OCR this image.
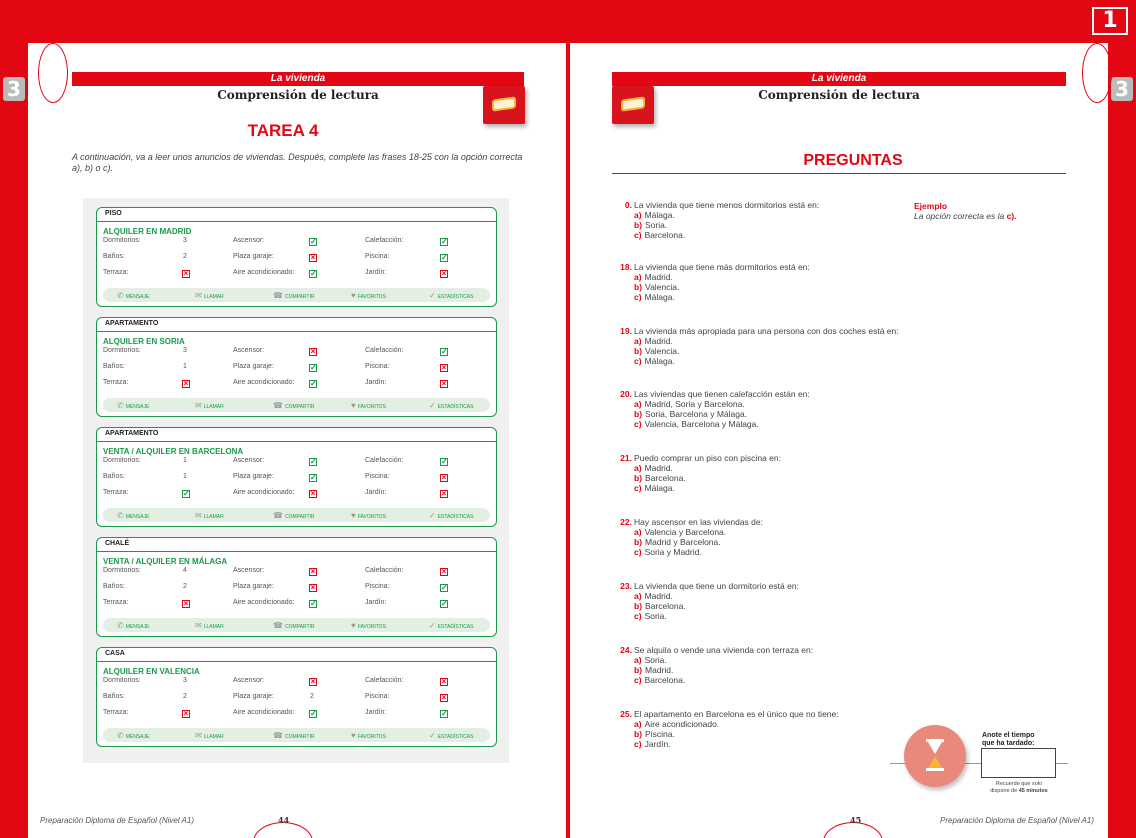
1
3	La vivienda
Comprensión de lectura
TAREA 4
A continuación, va a leer unos anuncios de viviendas. Después, complete las frases 18-25 con la opción correcta a), b) o c).
PISO
ALQUILER EN MADRID
Dormitorios:	3	Ascensor:	✓	Calefacción:	✓
Baños:	2	Plaza garaje:	×	Piscina:	✓
Terraza:	×	Aire acondicionado: ✓	Jardín:	×
✆ MENSAJE	✉ LLAMAR	☎ COMPARTIR	♥ FAVORITOS	✓ ESTADÍSTICAS
APARTAMENTO
ALQUILER EN SORIA
Dormitorios:	3	Ascensor:	×	Calefacción:	✓
Baños:	1	Plaza garaje:	✓	Piscina:	×
Terraza:	×	Aire acondicionado: ✓	Jardín:	×
✆ MENSAJE	✉ LLAMAR	☎ COMPARTIR	♥ FAVORITOS	✓ ESTADÍSTICAS
APARTAMENTO
VENTA / ALQUILER EN BARCELONA
Dormitorios:	1	Ascensor:	✓	Calefacción:	✓
Baños:	1	Plaza garaje:	✓	Piscina:	×
Terraza:	✓	Aire acondicionado: ×	Jardín:	×
✆ MENSAJE	✉ LLAMAR	☎ COMPARTIR	♥ FAVORITOS	✓ ESTADÍSTICAS
CHALÉ
VENTA / ALQUILER EN MÁLAGA
Dormitorios:	4	Ascensor:	×	Calefacción:	×
Baños:	2	Plaza garaje:	×	Piscina:	✓
Terraza:	×	Aire acondicionado: ✓	Jardín:	✓
✆ MENSAJE	✉ LLAMAR	☎ COMPARTIR	♥ FAVORITOS	✓ ESTADÍSTICAS
CASA
ALQUILER EN VALENCIA
Dormitorios:	3	Ascensor:	×	Calefacción:	×
Baños:	2	Plaza garaje:	2	Piscina:	×
Terraza:	×	Aire acondicionado: ✓	Jardín:	✓
✆ MENSAJE	✉ LLAMAR	☎ COMPARTIR	♥ FAVORITOS	✓ ESTADÍSTICAS
Preparación Diploma de Español (Nivel A1)	44
3
La vivienda
Comprensión de lectura
PREGUNTAS
0. La vivienda que tiene menos dormitorios está en:
a) Málaga.
b) Soria.
c) Barcelona.
18. La vivienda que tiene más dormitorios está en:
a) Madrid.
b) Valencia.
c) Málaga.
19. La vivienda más apropiada para una persona con dos coches está en:
a) Madrid.
b) Valencia.
c) Málaga.
20. Las viviendas que tienen calefacción están en:
a) Madrid, Soria y Barcelona.
b) Soria, Barcelona y Málaga.
c) Valencia, Barcelona y Málaga.
21. Puedo comprar un piso con piscina en:
a) Madrid.
b) Barcelona.
c) Málaga.
22. Hay ascensor en las viviendas de:
a) Valencia y Barcelona.
b) Madrid y Barcelona.
c) Soria y Madrid.
23. La vivienda que tiene un dormitorio está en:
a) Madrid.
b) Barcelona.
c) Soria.
24. Se alquila o vende una vivienda con terraza en:
a) Soria.
b) Madrid.
c) Barcelona.
25. El apartamento en Barcelona es el único que no tiene:
a) Aire acondicionado.
b) Piscina.
c) Jardín.
Ejemplo
La opción correcta es la c).
Anote el tiempo
que ha tardado:
Recuerde que solo
dispone de 45 minutos
45	Preparación Diploma de Español (Nivel A1)
